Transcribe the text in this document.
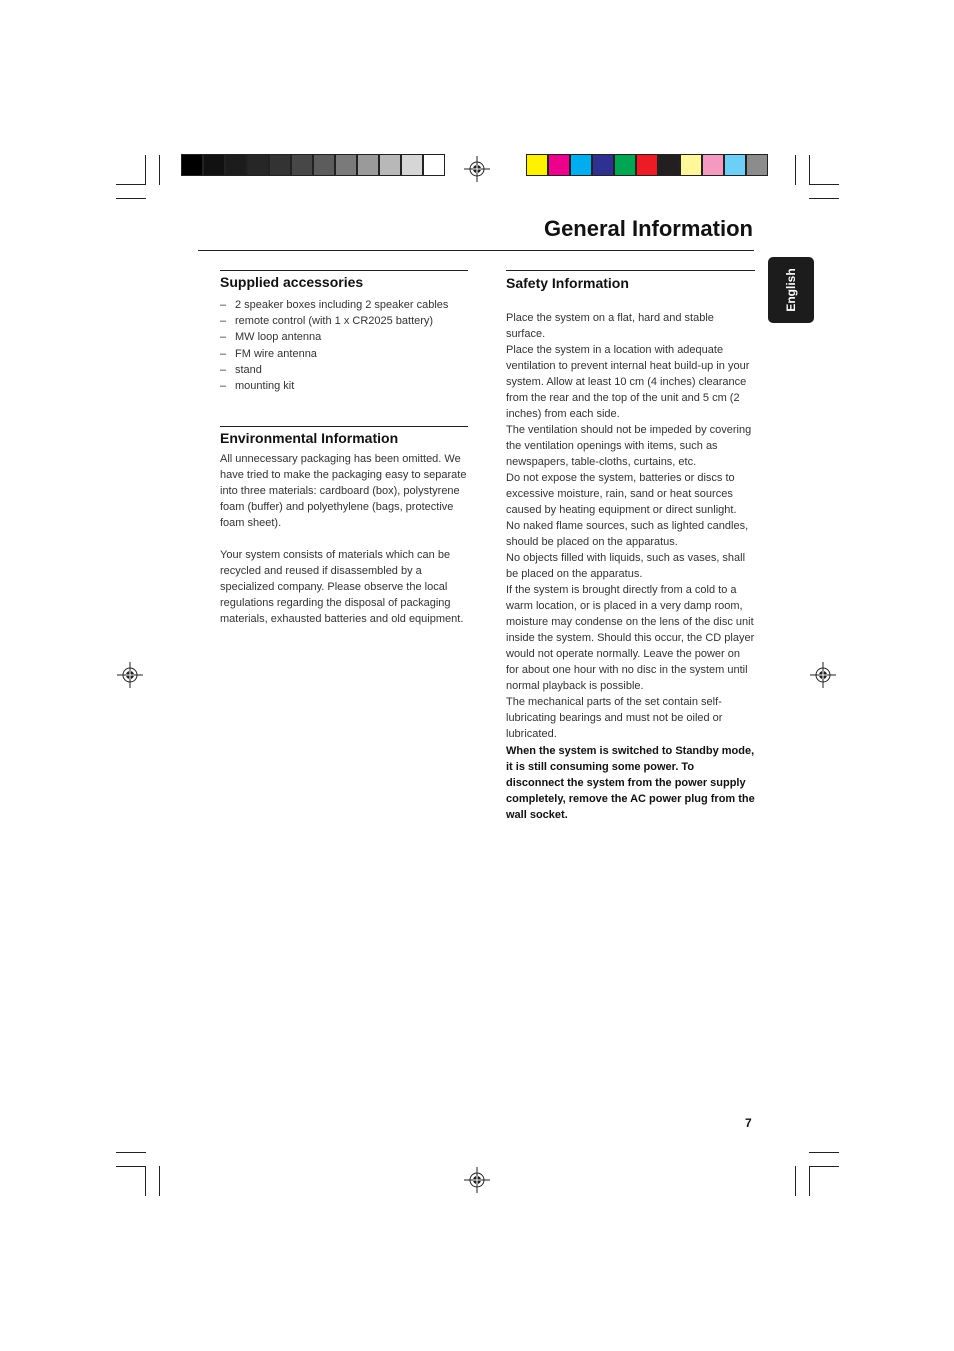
General Information
English
Supplied accessories
– 2 speaker boxes including 2 speaker cables
– remote control (with 1 x CR2025 battery)
– MW loop antenna
– FM wire antenna
– stand
– mounting kit
Environmental Information

All unnecessary packaging has been omitted. We have tried to make the packaging easy to separate into three materials: cardboard (box), polystyrene foam (buffer) and polyethylene (bags, protective foam sheet).

Your system consists of materials which can be recycled and reused if disassembled by a specialized company. Please observe the local regulations regarding the disposal of packaging materials, exhausted batteries and old equipment.

Safety Information

Place the system on a flat, hard and stable surface.

Place the system in a location with adequate ventilation to prevent internal heat build-up in your system. Allow at least 10 cm (4 inches) clearance from the rear and the top of the unit and 5 cm (2 inches) from each side.

The ventilation should not be impeded by covering the ventilation openings with items, such as newspapers, table-cloths, curtains, etc.

Do not expose the system, batteries or discs to excessive moisture, rain, sand or heat sources caused by heating equipment or direct sunlight.

No naked flame sources, such as lighted candles, should be placed on the apparatus.

No objects filled with liquids, such as vases, shall be placed on the apparatus.

If the system is brought directly from a cold to a warm location, or is placed in a very damp room, moisture may condense on the lens of the disc unit inside the system. Should this occur, the CD player would not operate normally. Leave the power on for about one hour with no disc in the system until normal playback is possible.

The mechanical parts of the set contain self-lubricating bearings and must not be oiled or lubricated.

When the system is switched to Standby mode, it is still consuming some power. To disconnect the system from the power supply completely, remove the AC power plug from the wall socket.

7
